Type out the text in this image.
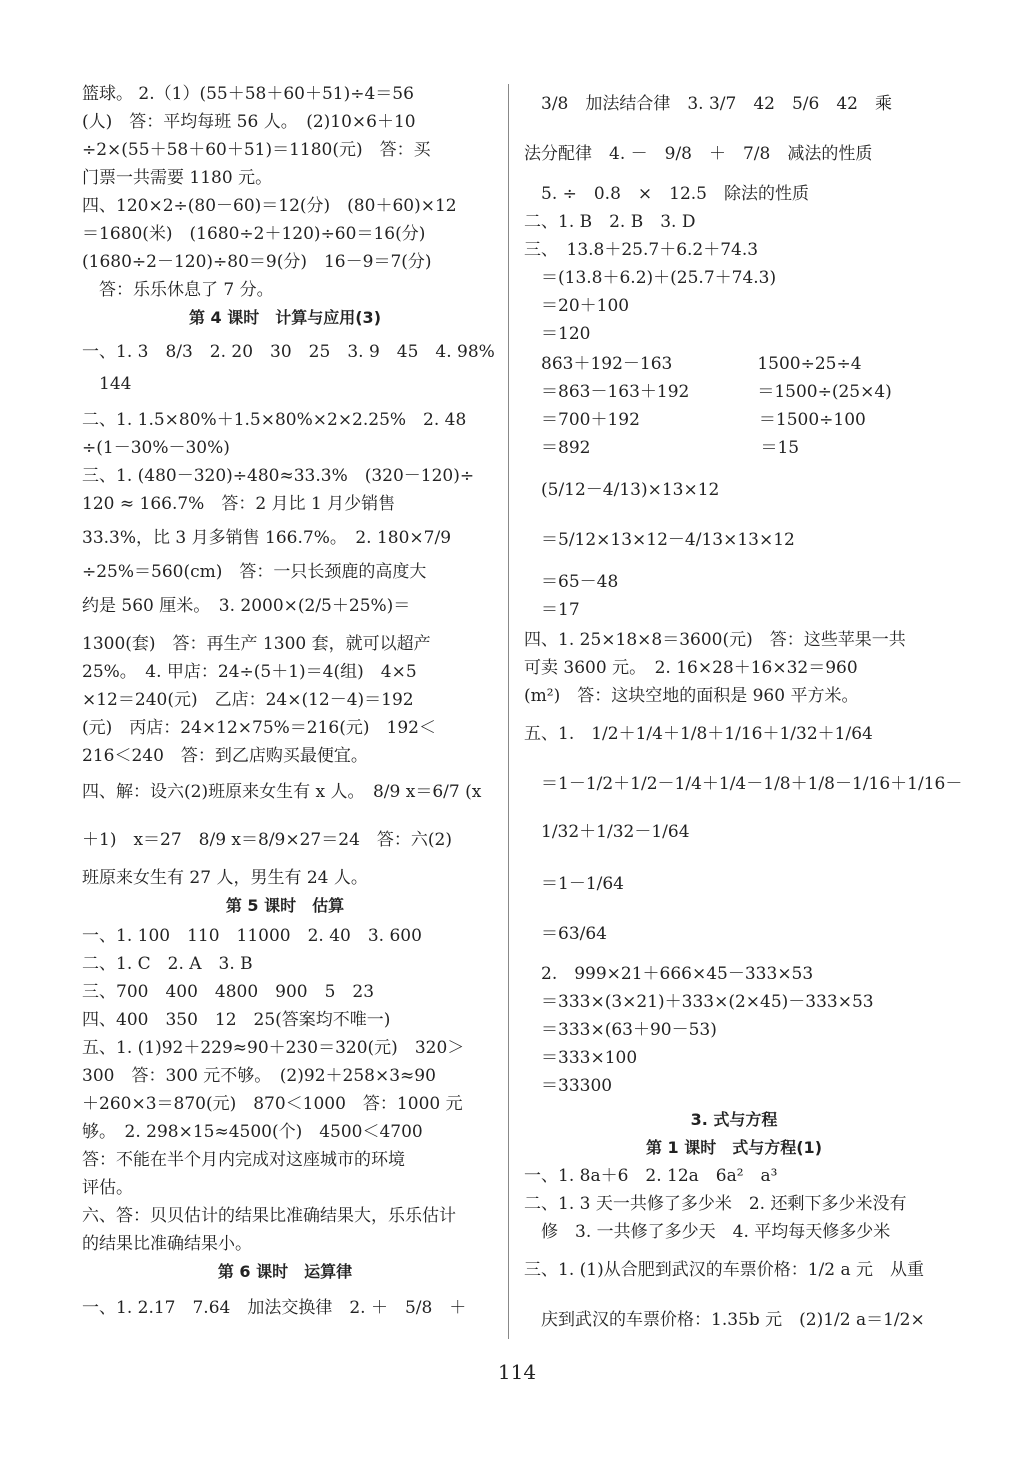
篮球。 2.（1）(55＋58＋60＋51)÷4＝56
(人)　答：平均每班 56 人。　(2)10×6＋10
÷2×(55＋58＋60＋51)＝1180(元)　答：买
门票一共需要 1180 元。
四、120×2÷(80－60)＝12(分)　(80＋60)×12
＝1680(米)　(1680÷2＋120)÷60＝16(分)
(1680÷2－120)÷80＝9(分)　16－9＝7(分)
　答：乐乐休息了 7 分。
第 4 课时　计算与应用(3)
一、1. 3　8/3　2. 20　30　25　3. 9　45　4. 98%
　144
二、1. 1.5×80%＋1.5×80%×2×2.25%　2. 48
÷(1－30%－30%)
三、1. (480－320)÷480≈33.3%　(320－120)÷
120 ≈ 166.7%　答：2 月比 1 月少销售
33.3%，比 3 月多销售 166.7%。　2. 180×7/9
÷25%＝560(cm)　答：一只长颈鹿的高度大
约是 560 厘米。　3. 2000×(2/5＋25%)＝
1300(套)　答：再生产 1300 套，就可以超产
25%。　4. 甲店：24÷(5＋1)＝4(组)　4×5
×12＝240(元)　乙店：24×(12－4)＝192
(元)　丙店：24×12×75%＝216(元)　192＜
216＜240　答：到乙店购买最便宜。
四、解：设六(2)班原来女生有 x 人。　8/9 x＝6/7 (x
＋1)　x＝27　8/9 x＝8/9×27＝24　答：六(2)
班原来女生有 27 人，男生有 24 人。
第 5 课时　估算
一、1. 100　110　11000　2. 40　3. 600
二、1. C　2. A　3. B
三、700　400　4800　900　5　23
四、400　350　12　25(答案均不唯一)
五、1. (1)92＋229≈90＋230＝320(元)　320＞
300　答：300 元不够。　(2)92＋258×3≈90
＋260×3＝870(元)　870＜1000　答：1000 元
够。　2. 298×15≈4500(个)　4500＜4700
答：不能在半个月内完成对这座城市的环境
评估。
六、答：贝贝估计的结果比准确结果大，乐乐估计
的结果比准确结果小。
第 6 课时　运算律
一、1. 2.17　7.64　加法交换律　2. ＋　5/8　＋
　3/8　加法结合律　3. 3/7　42　5/6　42　乘
法分配律　4. －　9/8　＋　7/8　减法的性质
　5. ÷　0.8　×　12.5　除法的性质
二、1. B　2. B　3. D
三、　13.8＋25.7＋6.2＋74.3
　＝(13.8＋6.2)＋(25.7＋74.3)
　＝20＋100
　＝120
　863＋192－163　　　　　1500÷25÷4
　＝863－163＋192　　　　＝1500÷(25×4)
　＝700＋192　　　　　　　＝1500÷100
　＝892　　　　　　　　　　＝15
　(5/12－4/13)×13×12
　＝5/12×13×12－4/13×13×12
　＝65－48
　＝17
四、1. 25×18×8＝3600(元)　答：这些苹果一共
可卖 3600 元。　2. 16×28＋16×32＝960
(m²)　答：这块空地的面积是 960 平方米。
五、1.　1/2＋1/4＋1/8＋1/16＋1/32＋1/64
　＝1－1/2＋1/2－1/4＋1/4－1/8＋1/8－1/16＋1/16－
　1/32＋1/32－1/64
　＝1－1/64
　＝63/64
　2.　999×21＋666×45－333×53
　＝333×(3×21)＋333×(2×45)－333×53
　＝333×(63＋90－53)
　＝333×100
　＝33300
3. 式与方程
第 1 课时　式与方程(1)
一、1. 8a＋6　2. 12a　6a²　a³
二、1. 3 天一共修了多少米　2. 还剩下多少米没有
　修　3. 一共修了多少天　4. 平均每天修多少米
三、1. (1)从合肥到武汉的车票价格：1/2 a 元　从重
　庆到武汉的车票价格：1.35b 元　(2)1/2 a＝1/2×
114
